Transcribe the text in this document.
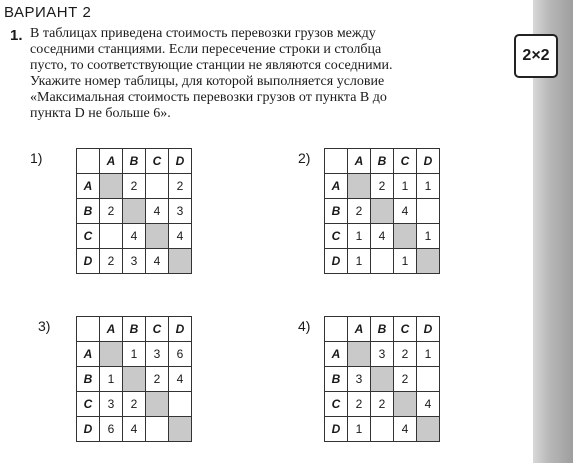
ВАРИАНТ 2
1. В таблицах приведена стоимость перевозки грузов между
соседними станциями. Если пересечение строки и столбца
пусто, то соответствующие станции не являются соседними.
Укажите номер таблицы, для которой выполняется условие
«Максимальная стоимость перевозки грузов от пункта B до
пункта D не больше 6».
2×2
1)
		A	B	C	D
A		2		2
B	2		4	3
C		4		4
D	2	3	4	
2)
		A	B	C	D
A		2	1	1
B	2		4	
C	1	4		1
D	1		1	
3)
		A	B	C	D
A		1	3	6
B	1		2	4
C	3	2		
D	6	4		
4)
		A	B	C	D
A		3	2	1
B	3		2	
C	2	2		4
D	1		4	
